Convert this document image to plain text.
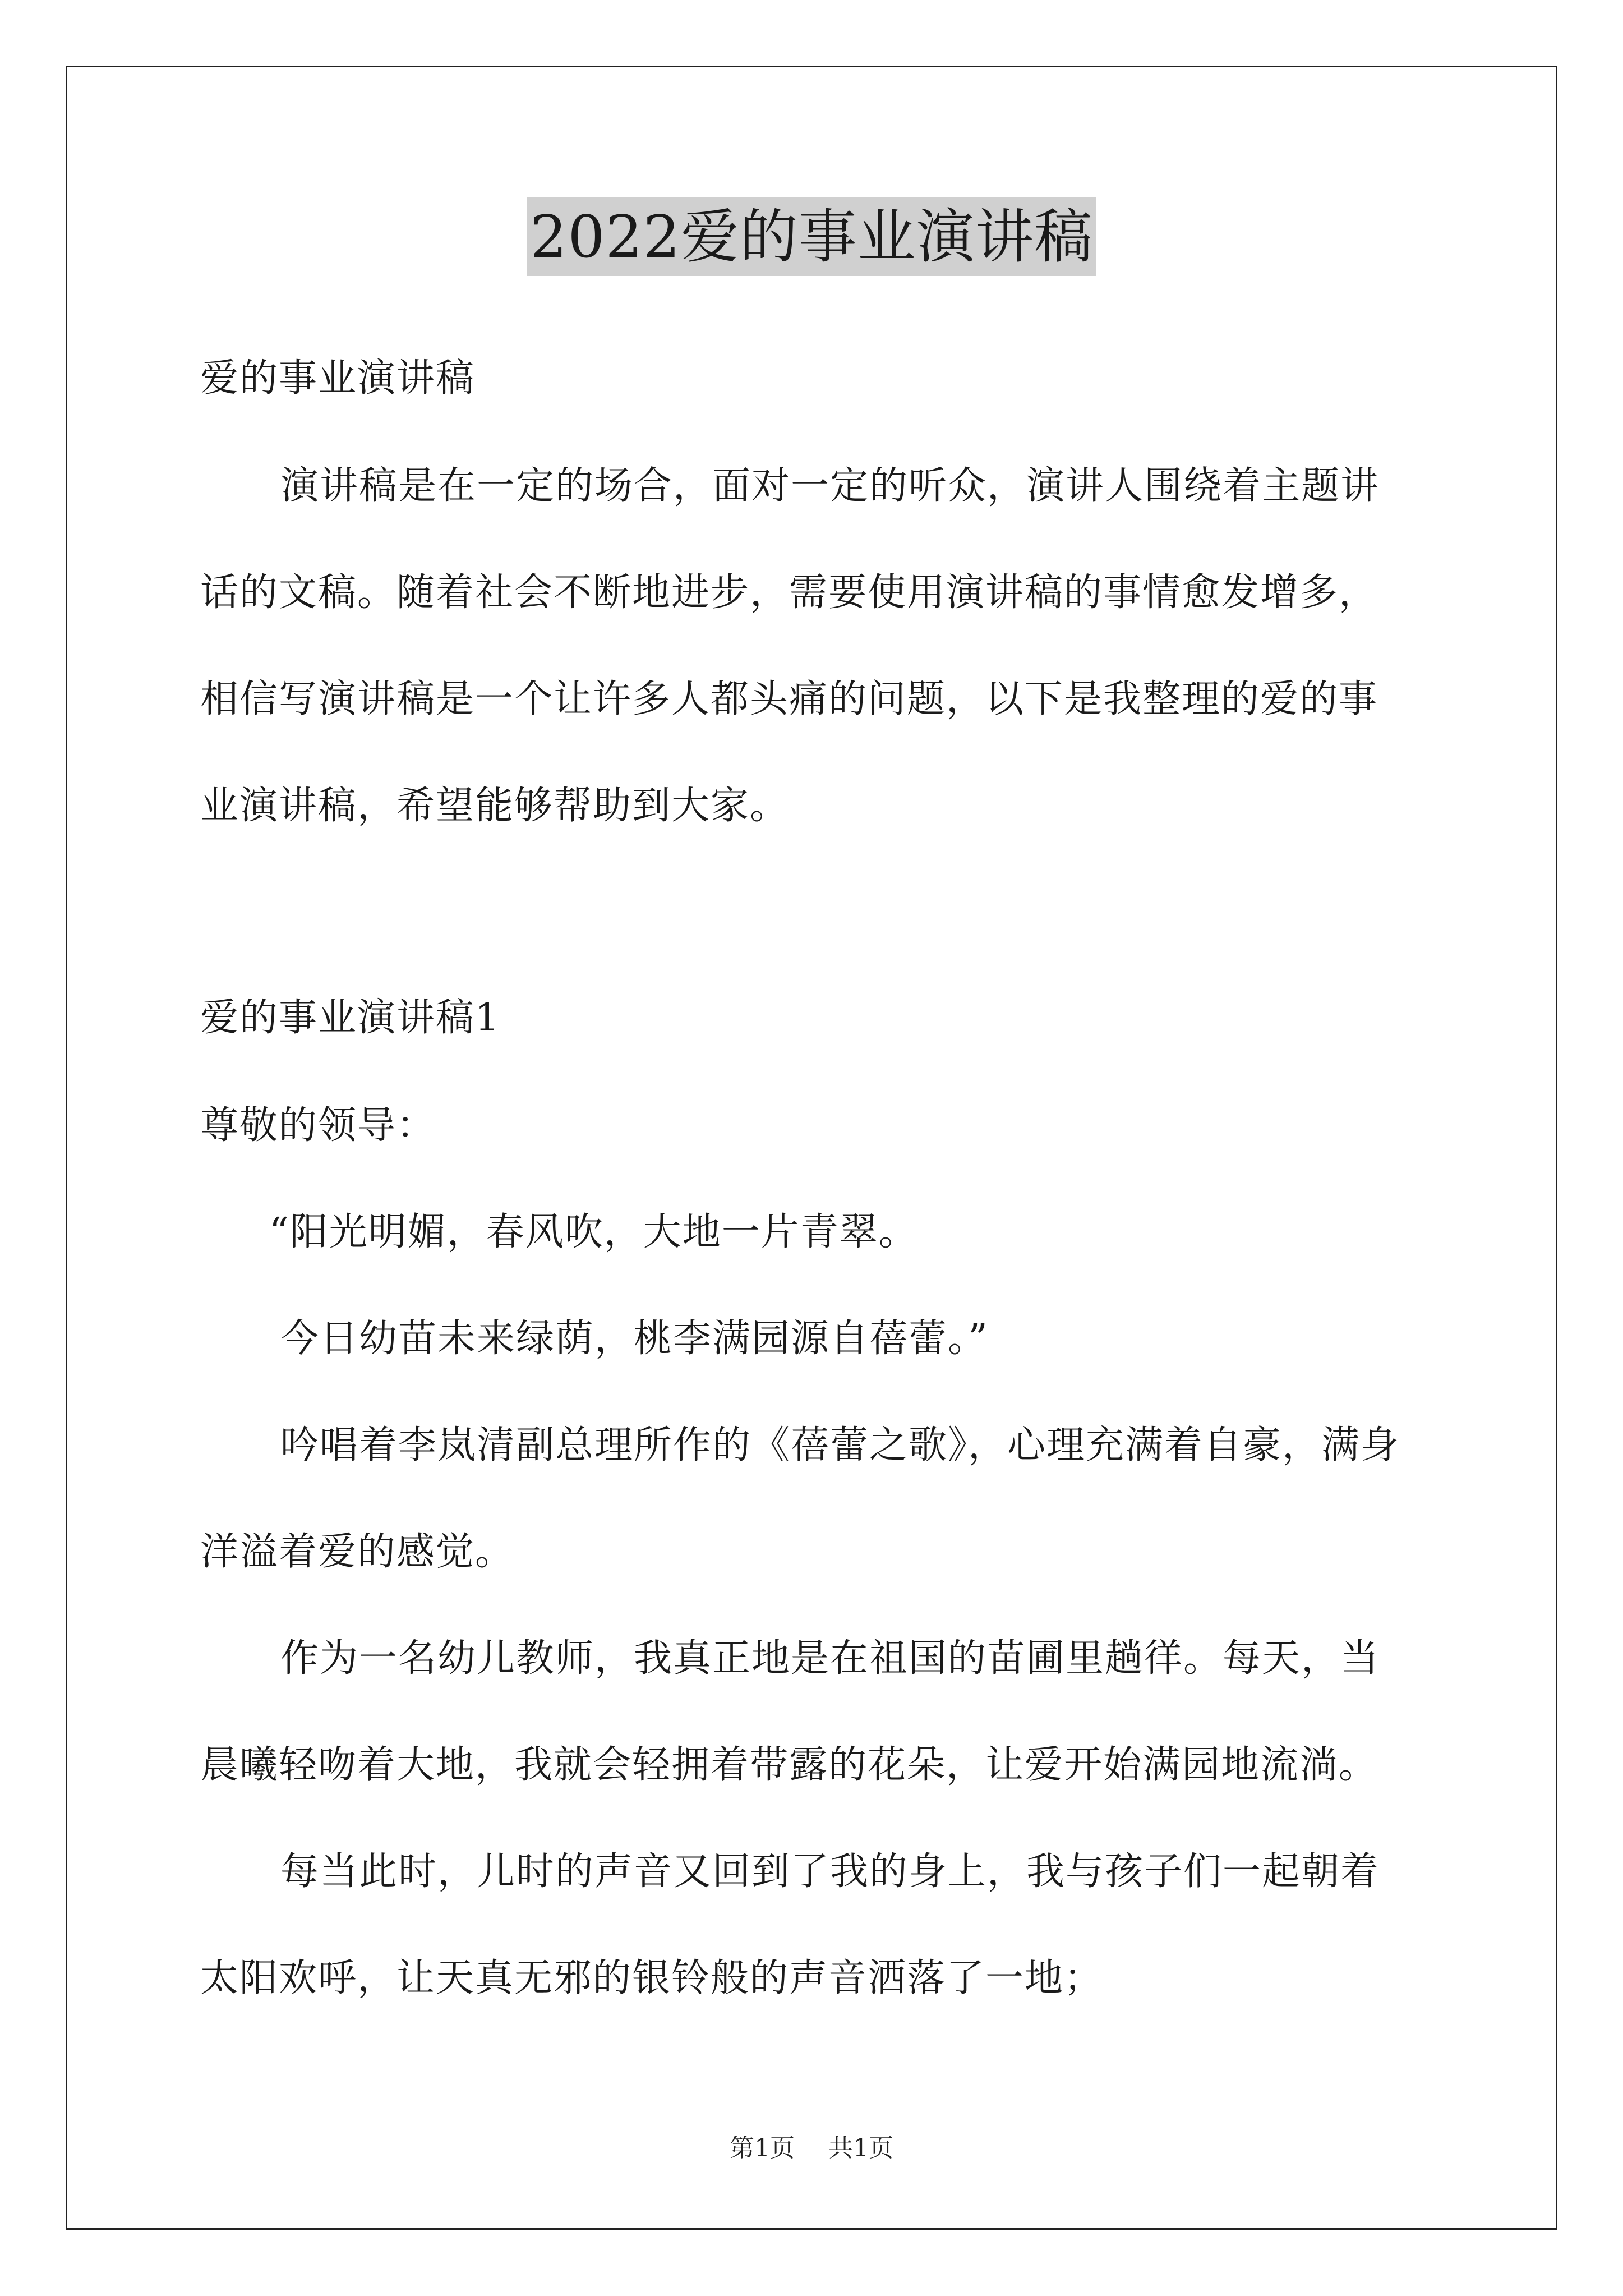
2022爱的事业演讲稿
爱的事业演讲稿
演讲稿是在一定的场合，面对一定的听众，演讲人围绕着主题讲
话的文稿。随着社会不断地进步，需要使用演讲稿的事情愈发增多，
相信写演讲稿是一个让许多人都头痛的问题，以下是我整理的爱的事
业演讲稿，希望能够帮助到大家。
爱的事业演讲稿1
尊敬的领导：
“阳光明媚，春风吹，大地一片青翠。
今日幼苗未来绿荫，桃李满园源自蓓蕾。”
吟唱着李岚清副总理所作的《蓓蕾之歌》，心理充满着自豪，满身
洋溢着爱的感觉。
作为一名幼儿教师，我真正地是在祖国的苗圃里趟徉。每天，当
晨曦轻吻着大地，我就会轻拥着带露的花朵，让爱开始满园地流淌。
每当此时，儿时的声音又回到了我的身上，我与孩子们一起朝着
太阳欢呼，让天真无邪的银铃般的声音洒落了一地；
第1页 共1页
